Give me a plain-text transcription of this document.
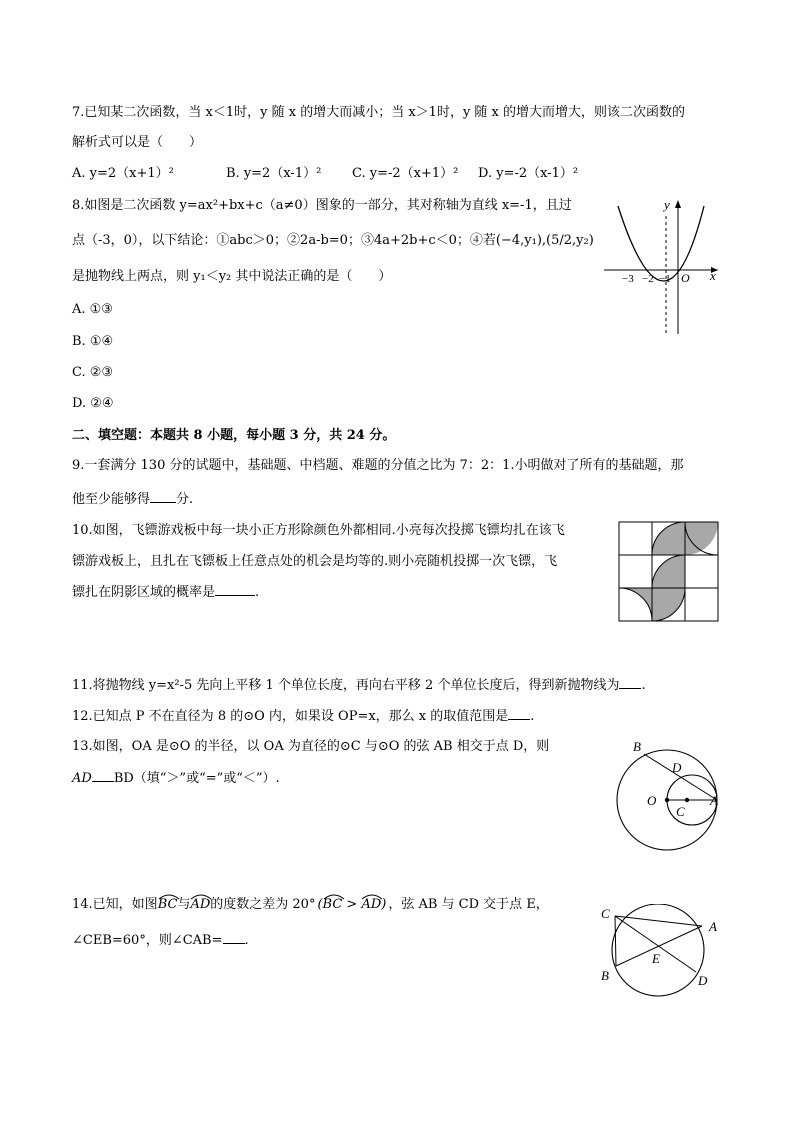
7.已知某二次函数，当 x＜1时，y 随 x 的增大而减小；当 x＞1时，y 随 x 的增大而增大，则该二次函数的
解析式可以是（　　）
A. y=2（x+1）²	B. y=2（x-1）² C. y=-2（x+1）² D. y=-2（x-1）²
8.如图是二次函数 y=ax²+bx+c（a≠0）图象的一部分，其对称轴为直线 x=-1，且过
点（-3，0），以下结论：①abc＞0；②2a-b=0；③4a+2b+c＜0；④若(−4,y₁),(5/2,y₂)
是抛物线上两点，则 y₁＜y₂ 其中说法正确的是（　　）
A. ①③
B. ①④
C. ②③
D. ②④
x
y
−3 −2 −1 O
二、填空题：本题共 8 小题，每小题 3 分，共 24 分。
9.一套满分 130 分的试题中，基础题、中档题、难题的分值之比为 7：2：1.小明做对了所有的基础题，那
他至少能够得 分.
10.如图，飞镖游戏板中每一块小正方形除颜色外都相同.小亮每次投掷飞镖均扎在该飞
镖游戏板上，且扎在飞镖板上任意点处的机会是均等的.则小亮随机投掷一次飞镖，飞
镖扎在阴影区域的概率是	.
11.将抛物线 y=x²-5 先向上平移 1 个单位长度，再向右平移 2 个单位长度后，得到新抛物线为 .
12.已知点 P 不在直径为 8 的⊙O 内，如果设 OP=x，那么 x 的取值范围是 .
13.如图，OA 是⊙O 的半径，以 OA 为直径的⊙C 与⊙O 的弦 AB 相交于点 D，则
AD BD（填“＞”或“=”或“＜”）.
B
D
O
C
A
14.已知，如图BC
与AD
的度数之差为 20° (BC
> AD
) ，弦 AB 与 CD 交于点 E，
∠CEB=60°，则∠CAB= .
C
A
E
B	D
